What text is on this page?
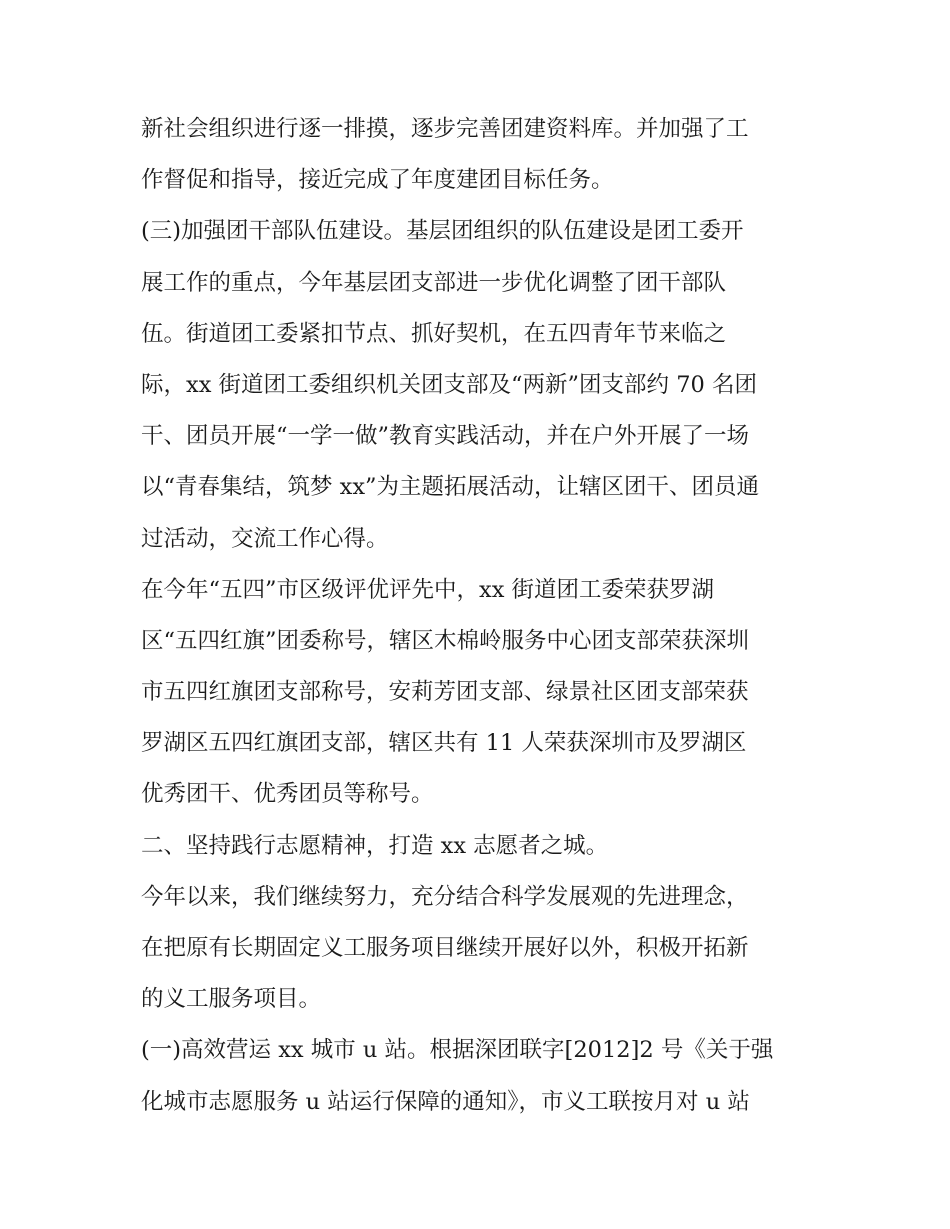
新社会组织进行逐一排摸，逐步完善团建资料库。并加强了工
作督促和指导，接近完成了年度建团目标任务。
(三)加强团干部队伍建设。基层团组织的队伍建设是团工委开
展工作的重点，今年基层团支部进一步优化调整了团干部队
伍。街道团工委紧扣节点、抓好契机，在五四青年节来临之
际，xx 街道团工委组织机关团支部及“两新”团支部约 70 名团
干、团员开展“一学一做”教育实践活动，并在户外开展了一场
以“青春集结，筑梦 xx”为主题拓展活动，让辖区团干、团员通
过活动，交流工作心得。
在今年“五四”市区级评优评先中，xx 街道团工委荣获罗湖
区“五四红旗”团委称号，辖区木棉岭服务中心团支部荣获深圳
市五四红旗团支部称号，安莉芳团支部、绿景社区团支部荣获
罗湖区五四红旗团支部，辖区共有 11 人荣获深圳市及罗湖区
优秀团干、优秀团员等称号。
二、坚持践行志愿精神，打造 xx 志愿者之城。
今年以来，我们继续努力，充分结合科学发展观的先进理念，
在把原有长期固定义工服务项目继续开展好以外，积极开拓新
的义工服务项目。
(一)高效营运 xx 城市 u 站。根据深团联字[2012]2 号《关于强
化城市志愿服务 u 站运行保障的通知》，市义工联按月对 u 站
